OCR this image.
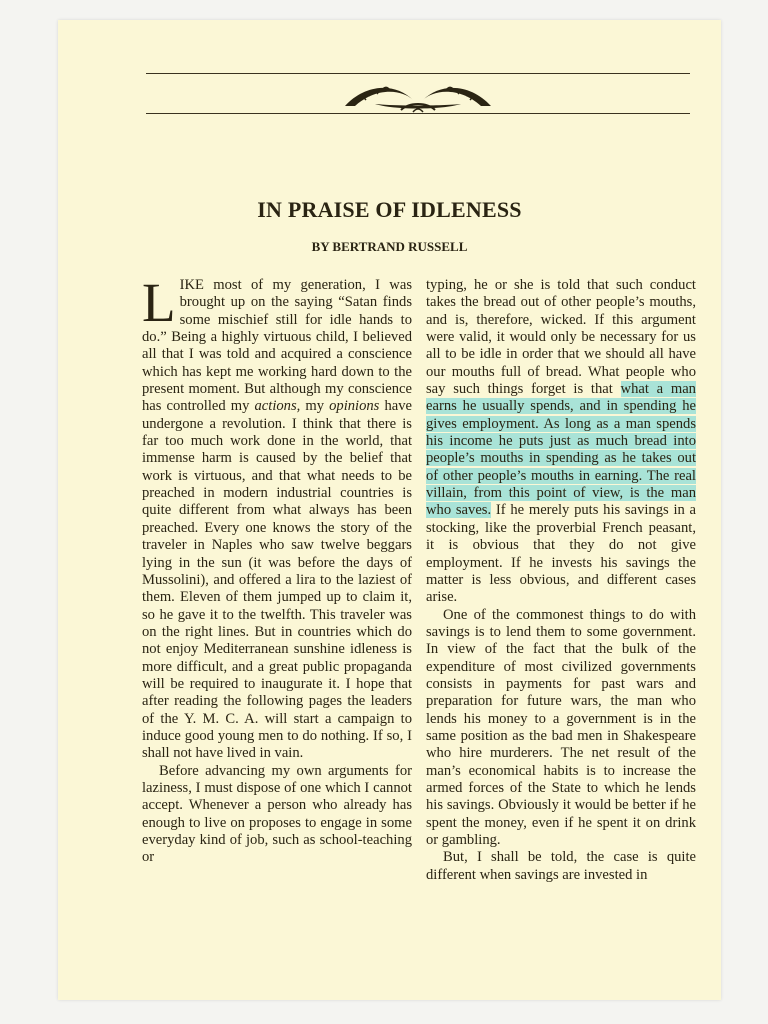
IN PRAISE OF IDLENESS
BY BERTRAND RUSSELL

LIKE most of my generation, I was brought up on the saying “Satan finds some mischief still for idle hands to do.” Being a highly virtuous child, I believed all that I was told and acquired a conscience which has kept me working hard down to the present moment. But although my conscience has controlled my actions, my opinions have undergone a revolution. I think that there is far too much work done in the world, that immense harm is caused by the belief that work is virtuous, and that what needs to be preached in modern industrial countries is quite different from what always has been preached. Every one knows the story of the traveler in Naples who saw twelve beggars lying in the sun (it was before the days of Mussolini), and offered a lira to the laziest of them. Eleven of them jumped up to claim it, so he gave it to the twelfth. This traveler was on the right lines. But in countries which do not enjoy Mediterranean sunshine idleness is more difficult, and a great public propaganda will be required to inaugurate it. I hope that after reading the following pages the leaders of the Y. M. C. A. will start a campaign to induce good young men to do nothing. If so, I shall not have lived in vain.

Before advancing my own arguments for laziness, I must dispose of one which I cannot accept. Whenever a person who already has enough to live on proposes to engage in some everyday kind of job, such as school-teaching or

typing, he or she is told that such conduct takes the bread out of other people’s mouths, and is, therefore, wicked. If this argument were valid, it would only be necessary for us all to be idle in order that we should all have our mouths full of bread. What people who say such things forget is that what a man earns he usually spends, and in spending he gives employment. As long as a man spends his income he puts just as much bread into people’s mouths in spending as he takes out of other people’s mouths in earning. The real villain, from this point of view, is the man who saves. If he merely puts his savings in a stocking, like the proverbial French peasant, it is obvious that they do not give employment. If he invests his savings the matter is less obvious, and different cases arise.

One of the commonest things to do with savings is to lend them to some government. In view of the fact that the bulk of the expenditure of most civilized governments consists in payments for past wars and preparation for future wars, the man who lends his money to a government is in the same position as the bad men in Shakespeare who hire murderers. The net result of the man’s economical habits is to increase the armed forces of the State to which he lends his savings. Obviously it would be better if he spent the money, even if he spent it on drink or gambling.

But, I shall be told, the case is quite different when savings are invested in
